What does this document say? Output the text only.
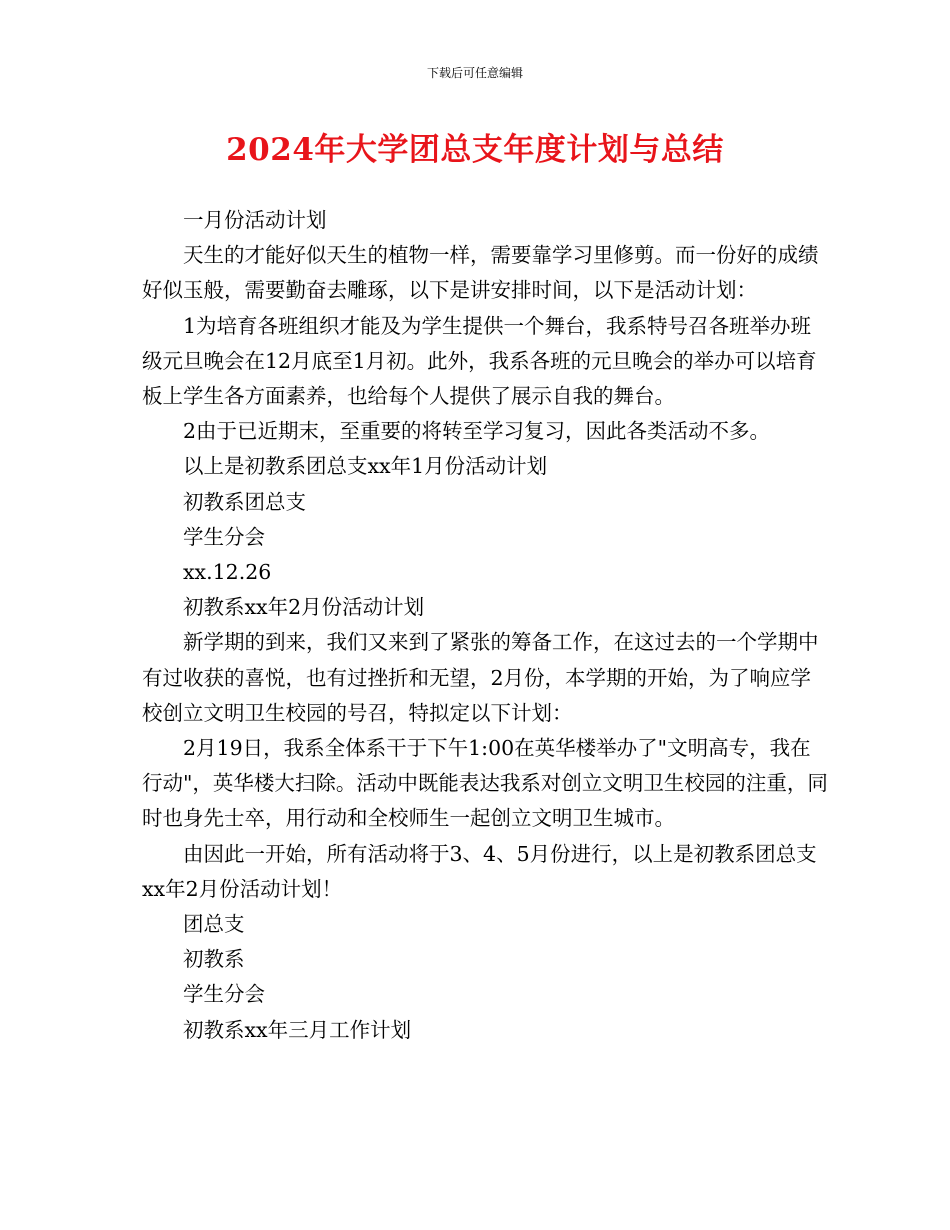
下载后可任意编辑
2024年大学团总支年度计划与总结

一月份活动计划

天生的才能好似天生的植物一样，需要靠学习里修剪。而一份好的成绩好似玉般，需要勤奋去雕琢，以下是讲安排时间，以下是活动计划：

1为培育各班组织才能及为学生提供一个舞台，我系特号召各班举办班级元旦晚会在12月底至1月初。此外，我系各班的元旦晚会的举办可以培育板上学生各方面素养，也给每个人提供了展示自我的舞台。

2由于已近期末，至重要的将转至学习复习，因此各类活动不多。

以上是初教系团总支xx年1月份活动计划

初教系团总支

学生分会

xx.12.26

初教系xx年2月份活动计划

新学期的到来，我们又来到了紧张的筹备工作，在这过去的一个学期中有过收获的喜悦，也有过挫折和无望，2月份，本学期的开始，为了响应学校创立文明卫生校园的号召，特拟定以下计划：

2月19日，我系全体系干于下午1:00在英华楼举办了"文明高专，我在行动"，英华楼大扫除。活动中既能表达我系对创立文明卫生校园的注重，同时也身先士卒，用行动和全校师生一起创立文明卫生城市。

由因此一开始，所有活动将于3、4、5月份进行，以上是初教系团总支xx年2月份活动计划！

团总支

初教系

学生分会

初教系xx年三月工作计划
